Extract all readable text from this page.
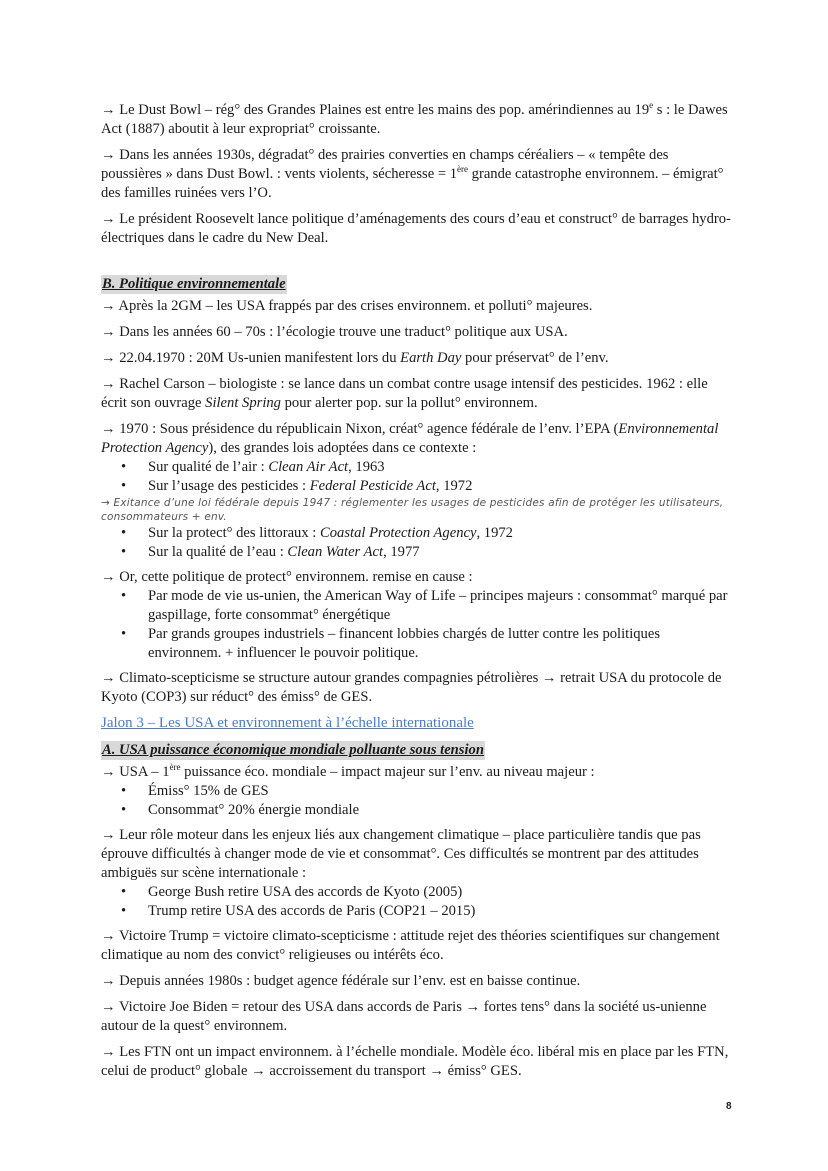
→ Le Dust Bowl – rég° des Grandes Plaines est entre les mains des pop. amérindiennes au 19e s : le Dawes Act (1887) aboutit à leur expropriat° croissante.

→ Dans les années 1930s, dégradat° des prairies converties en champs céréaliers – « tempête des poussières » dans Dust Bowl. : vents violents, sécheresse = 1ère grande catastrophe environnem. – émigrat° des familles ruinées vers l’O.

→ Le président Roosevelt lance politique d’aménagements des cours d’eau et construct° de barrages hydro-électriques dans le cadre du New Deal.

B. Politique environnementale

→ Après la 2GM – les USA frappés par des crises environnem. et polluti° majeures.

→ Dans les années 60 – 70s : l’écologie trouve une traduct° politique aux USA.

→ 22.04.1970 : 20M Us-unien manifestent lors du Earth Day pour préservat° de l’env.

→ Rachel Carson – biologiste : se lance dans un combat contre usage intensif des pesticides. 1962 : elle écrit son ouvrage Silent Spring pour alerter pop. sur la pollut° environnem.

→ 1970 : Sous présidence du républicain Nixon, créat° agence fédérale de l’env. l’EPA (Environnemental Protection Agency), des grandes lois adoptées dans ce contexte :

• Sur qualité de l’air : Clean Air Act, 1963
• Sur l’usage des pesticides : Federal Pesticide Act, 1972

→ Exitance d’une loi fédérale depuis 1947 : réglementer les usages de pesticides afin de protéger les utilisateurs, consommateurs + env.

• Sur la protect° des littoraux : Coastal Protection Agency, 1972
• Sur la qualité de l’eau : Clean Water Act, 1977

→ Or, cette politique de protect° environnem. remise en cause :

• Par mode de vie us-unien, the American Way of Life – principes majeurs : consommat° marqué par gaspillage, forte consommat° énergétique
• Par grands groupes industriels – financent lobbies chargés de lutter contre les politiques environnem. + influencer le pouvoir politique.

→ Climato-scepticisme se structure autour grandes compagnies pétrolières → retrait USA du protocole de Kyoto (COP3) sur réduct° des émiss° de GES.

Jalon 3 – Les USA et environnement à l’échelle internationale
A. USA puissance économique mondiale polluante sous tension

→ USA – 1ère puissance éco. mondiale – impact majeur sur l’env. au niveau majeur :

• Émiss° 15% de GES
• Consommat° 20% énergie mondiale

→ Leur rôle moteur dans les enjeux liés aux changement climatique – place particulière tandis que pas éprouve difficultés à changer mode de vie et consommat°. Ces difficultés se montrent par des attitudes ambiguës sur scène internationale :

• George Bush retire USA des accords de Kyoto (2005)
• Trump retire USA des accords de Paris (COP21 – 2015)

→ Victoire Trump = victoire climato-scepticisme : attitude rejet des théories scientifiques sur changement climatique au nom des convict° religieuses ou intérêts éco.

→ Depuis années 1980s : budget agence fédérale sur l’env. est en baisse continue.

→ Victoire Joe Biden = retour des USA dans accords de Paris → fortes tens° dans la société us-unienne autour de la quest° environnem.

→ Les FTN ont un impact environnem. à l’échelle mondiale. Modèle éco. libéral mis en place par les FTN, celui de product° globale → accroissement du transport → émiss° GES.

8
